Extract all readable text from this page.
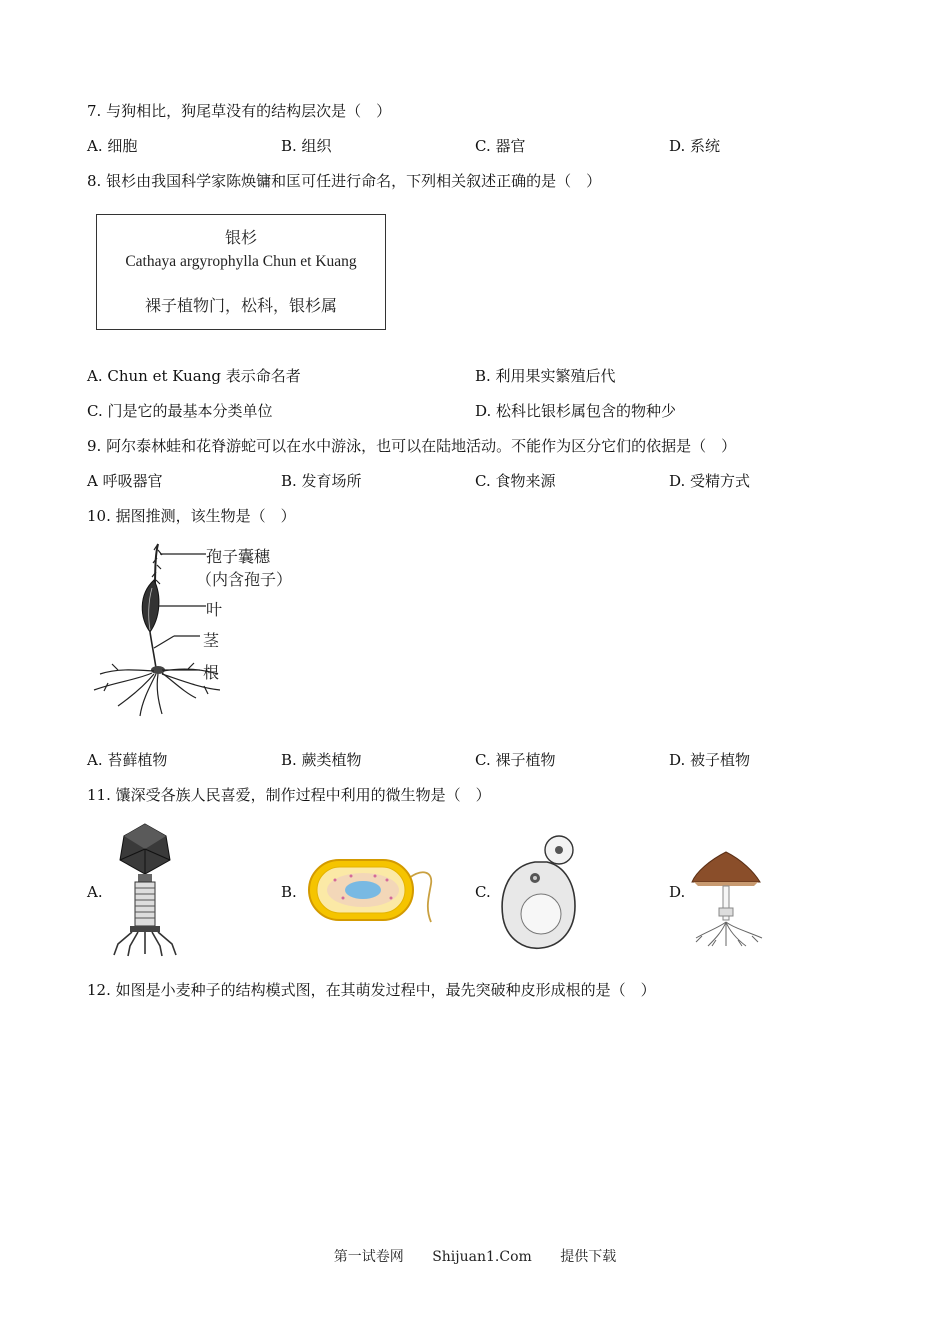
7. 与狗相比，狗尾草没有的结构层次是（　）
A. 细胞	B. 组织	C. 器官	D. 系统
8. 银杉由我国科学家陈焕镛和匡可任进行命名，下列相关叙述正确的是（　）
银杉
Cathaya argyrophylla Chun et Kuang
裸子植物门，松科，银杉属
A. Chun et Kuang 表示命名者	B. 利用果实繁殖后代
C. 门是它的最基本分类单位	D. 松科比银杉属包含的物种少
9. 阿尔泰林蛙和花脊游蛇可以在水中游泳，也可以在陆地活动。不能作为区分它们的依据是（　）
A 呼吸器官	B. 发育场所	C. 食物来源	D. 受精方式
10. 据图推测，该生物是（　）
孢子囊穗
（内含孢子）
叶
茎
根
A. 苔藓植物	B. 蕨类植物	C. 裸子植物	D. 被子植物
11. 馕深受各族人民喜爱，制作过程中利用的微生物是（　）
A.	B.	C.	D.
12. 如图是小麦种子的结构模式图，在其萌发过程中，最先突破种皮形成根的是（　）
第一试卷网 Shijuan1.Com 提供下载
